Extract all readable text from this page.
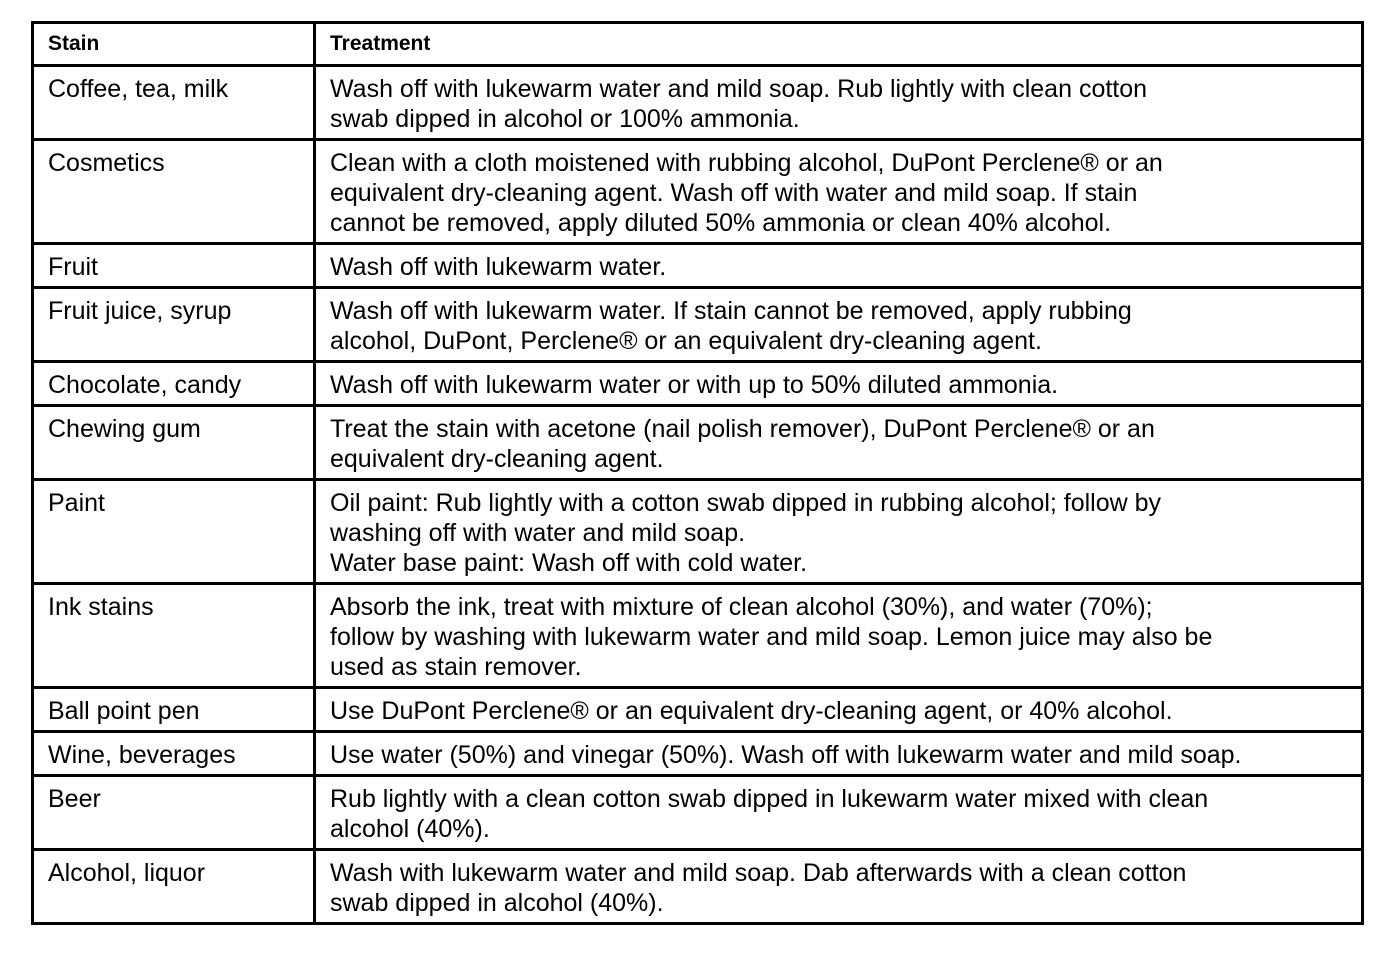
Stain	Treatment
Coffee, tea, milk	Wash off with lukewarm water and mild soap. Rub lightly with clean cotton
swab dipped in alcohol or 100% ammonia.

Cosmetics	Clean with a cloth moistened with rubbing alcohol, DuPont Perclene® or an
equivalent dry-cleaning agent. Wash off with water and mild soap. If stain
cannot be removed, apply diluted 50% ammonia or clean 40% alcohol.

Fruit	Wash off with lukewarm water.

Fruit juice, syrup	Wash off with lukewarm water. If stain cannot be removed, apply rubbing
alcohol, DuPont, Perclene® or an equivalent dry-cleaning agent.

Chocolate, candy	Wash off with lukewarm water or with up to 50% diluted ammonia.

Chewing gum	Treat the stain with acetone (nail polish remover), DuPont Perclene® or an
equivalent dry-cleaning agent.

Paint	Oil paint: Rub lightly with a cotton swab dipped in rubbing alcohol; follow by
washing off with water and mild soap.
Water base paint: Wash off with cold water.

Ink stains	Absorb the ink, treat with mixture of clean alcohol (30%), and water (70%);
follow by washing with lukewarm water and mild soap. Lemon juice may also be
used as stain remover.

Ball point pen	Use DuPont Perclene® or an equivalent dry-cleaning agent, or 40% alcohol.

Wine, beverages	Use water (50%) and vinegar (50%). Wash off with lukewarm water and mild soap.

Beer	Rub lightly with a clean cotton swab dipped in lukewarm water mixed with clean
alcohol (40%).

Alcohol, liquor	Wash with lukewarm water and mild soap. Dab afterwards with a clean cotton
swab dipped in alcohol (40%).
